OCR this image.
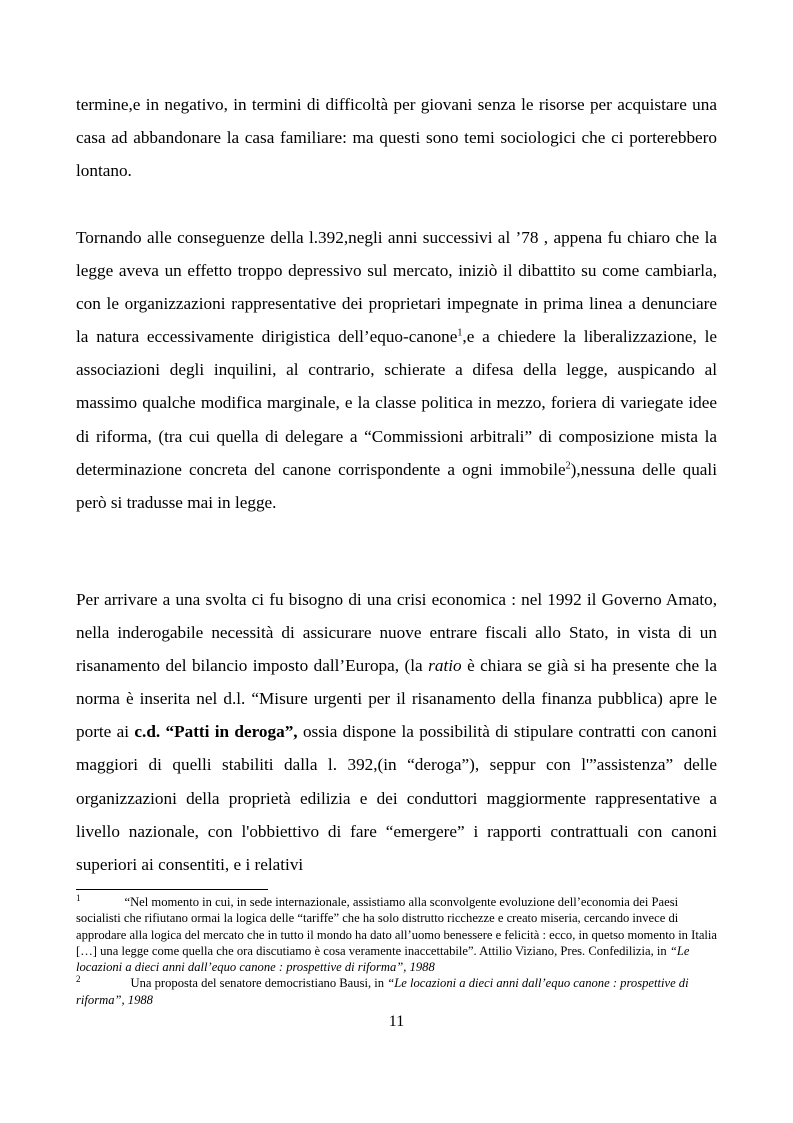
termine,e in negativo, in termini di difficoltà per giovani senza le risorse per acquistare una casa ad abbandonare la casa familiare: ma questi sono temi sociologici che ci porterebbero lontano.

Tornando alle conseguenze della l.392,negli anni successivi al ’78 , appena fu chiaro che la legge aveva un effetto troppo depressivo sul mercato, iniziò il dibattito su come cambiarla, con le organizzazioni rappresentative dei proprietari impegnate in prima linea a denunciare la natura eccessivamente dirigistica dell’equo-canone$^1$,e a chiedere la liberalizzazione, le associazioni degli inquilini, al contrario, schierate a difesa della legge, auspicando al massimo qualche modifica marginale, e la classe politica in mezzo, foriera di variegate idee di riforma, (tra cui quella di delegare a “Commissioni arbitrali” di composizione mista la determinazione concreta del canone corrispondente a ogni immobile$^2$),nessuna delle quali però si tradusse mai in legge.

Per arrivare a una svolta ci fu bisogno di una crisi economica : nel 1992 il Governo Amato, nella inderogabile necessità di assicurare nuove entrare fiscali allo Stato, in vista di un risanamento del bilancio imposto dall’Europa, (la ratio è chiara se già si ha presente che la norma è inserita nel d.l. “Misure urgenti per il risanamento della finanza pubblica) apre le porte ai c.d. “Patti in deroga”, ossia dispone la possibilità di stipulare contratti con canoni maggiori di quelli stabiliti dalla l. 392,(in “deroga”), seppur con l'”assistenza” delle organizzazioni della proprietà edilizia e dei conduttori maggiormente rappresentative a livello nazionale, con l'obbiettivo di fare “emergere” i rapporti contrattuali con canoni superiori ai consentiti, e i relativi

$^1$	“Nel momento in cui, in sede internazionale, assistiamo alla sconvolgente evoluzione dell’economia dei Paesi socialisti che rifiutano ormai la logica delle “tariffe” che ha solo distrutto ricchezze e creato miseria, cercando invece di approdare alla logica del mercato che in tutto il mondo ha dato all’uomo benessere e felicità : ecco, in quetso momento in Italia […] una legge come quella che ora discutiamo è cosa veramente inaccettabile”. Attilio Viziano, Pres. Confedilizia, in “Le locazioni a dieci anni dall’equo canone : prospettive di riforma”, 1988

$^2$	Una proposta del senatore democristiano Bausi, in “Le locazioni a dieci anni dall’equo canone : prospettive di riforma”, 1988

11
